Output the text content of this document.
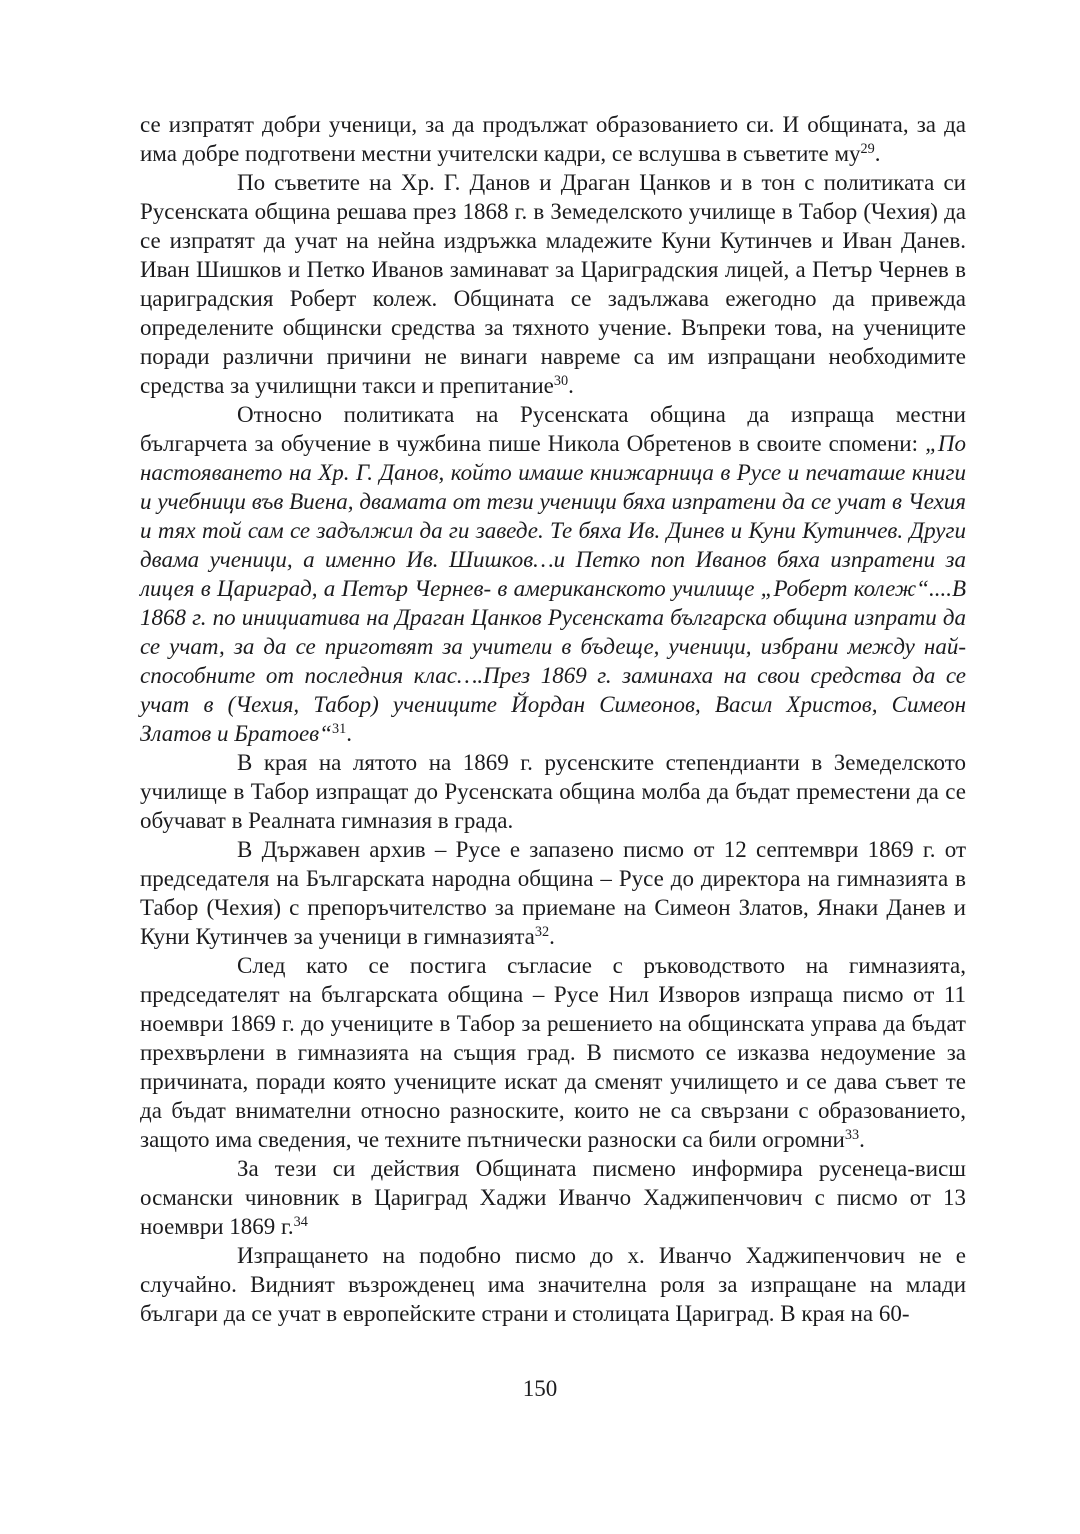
се изпратят добри ученици, за да продължат образованието си. И общината, за да има добре подготвени местни учителски кадри, се вслушва в съветите му$^{29}$.

По съветите на Хр. Г. Данов и Драган Цанков и в тон с политиката си Русенската община решава през 1868 г. в Земеделското училище в Табор (Чехия) да се изпратят да учат на нейна издръжка младежите Куни Кутинчев и Иван Данев. Иван Шишков и Петко Иванов заминават за Цариградския лицей, а Петър Чернев в цариградския Роберт колеж. Общината се задължава ежегодно да привежда определените общински средства за тяхното учение. Въпреки това, на учениците поради различни причини не винаги навреме са им изпращани необходимите средства за училищни такси и препитание$^{30}$.

Относно политиката на Русенската община да изпраща местни българчета за обучение в чужбина пише Никола Обретенов в своите спомени: „По настояването на Хр. Г. Данов, който имаше книжарница в Русе и печаташе книги и учебници във Виена, двамата от тези ученици бяха изпратени да се учат в Чехия и тях той сам се задължил да ги заведе. Те бяха Ив. Динев и Куни Кутинчев. Други двама ученици, а именно Ив. Шишков…и Петко поп Иванов бяха изпратени за лицея в Цариград, а Петър Чернев- в американското училище „Роберт колеж“....В 1868 г. по инициатива на Драган Цанков Русенската българска община изпрати да се учат, за да се приготвят за учители в бъдеще, ученици, избрани между най-способните от последния клас….През 1869 г. заминаха на свои средства да се учат в (Чехия, Табор) учениците Йордан Симеонов, Васил Христов, Симеон Златов и Братоев“$^{31}$.

В края на лятото на 1869 г. русенските степендианти в Земеделското училище в Табор изпращат до Русенската община молба да бъдат преместени да се обучават в Реалната гимназия в града.

В Държавен архив – Русе е запазено писмо от 12 септември 1869 г. от председателя на Българската народна община – Русе до директора на гимназията в Табор (Чехия) с препоръчителство за приемане на Симеон Златов, Янаки Данев и Куни Кутинчев за ученици в гимназията$^{32}$.

След като се постига съгласие с ръководството на гимназията, председателят на българската община – Русе Нил Изворов изпраща писмо от 11 ноември 1869 г. до учениците в Табор за решението на общинската управа да бъдат прехвърлени в гимназията на същия град. В писмото се изказва недоумение за причината, поради която учениците искат да сменят училището и се дава съвет те да бъдат внимателни относно разноските, които не са свързани с образованието, защото има сведения, че техните пътнически разноски са били огромни$^{33}$.

За тези си действия Общината писмено информира русенеца-висш османски чиновник в Цариград Хаджи Иванчо Хаджипенчович с писмо от 13 ноември 1869 г.$^{34}$

Изпращането на подобно писмо до х. Иванчо Хаджипенчович не е случайно. Видният възрожденец има значителна роля за изпращане на млади българи да се учат в европейските страни и столицата Цариград. В края на 60-

150
